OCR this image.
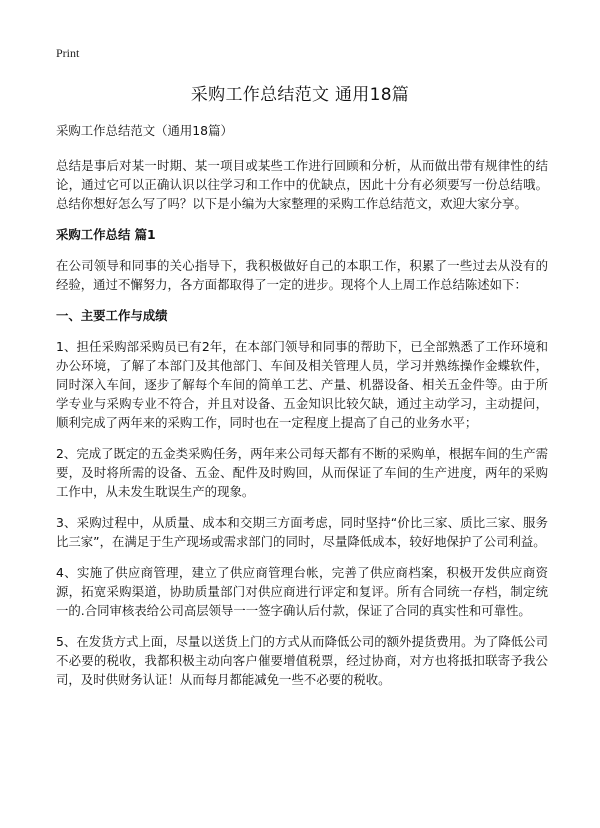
Print
采购工作总结范文 通用18篇

采购工作总结范文（通用18篇）

总结是事后对某一时期、某一项目或某些工作进行回顾和分析，从而做出带有规律性的结论，通过它可以正确认识以往学习和工作中的优缺点，因此十分有必须要写一份总结哦。总结你想好怎么写了吗？以下是小编为大家整理的采购工作总结范文，欢迎大家分享。

采购工作总结 篇1

在公司领导和同事的关心指导下，我积极做好自己的本职工作，积累了一些过去从没有的经验，通过不懈努力，各方面都取得了一定的进步。现将个人上周工作总结陈述如下：

一、主要工作与成绩

1、担任采购部采购员已有2年，在本部门领导和同事的帮助下，已全部熟悉了工作环境和办公环境，了解了本部门及其他部门、车间及相关管理人员，学习并熟练操作金蝶软件，同时深入车间，逐步了解每个车间的简单工艺、产量、机器设备、相关五金件等。由于所学专业与采购专业不符合，并且对设备、五金知识比较欠缺，通过主动学习，主动提问，顺利完成了两年来的采购工作，同时也在一定程度上提高了自己的业务水平；

2、完成了既定的五金类采购任务，两年来公司每天都有不断的采购单，根据车间的生产需要，及时将所需的设备、五金、配件及时购回，从而保证了车间的生产进度，两年的采购工作中，从未发生耽误生产的现象。

3、采购过程中，从质量、成本和交期三方面考虑，同时坚持“价比三家、质比三家、服务比三家”，在满足于生产现场或需求部门的同时，尽量降低成本，较好地保护了公司利益。

4、实施了供应商管理，建立了供应商管理台帐，完善了供应商档案，积极开发供应商资源，拓宽采购渠道，协助质量部门对供应商进行评定和复评。所有合同统一存档，制定统一的.合同审核表给公司高层领导一一签字确认后付款，保证了合同的真实性和可靠性。

5、在发货方式上面，尽量以送货上门的方式从而降低公司的额外提货费用。为了降低公司不必要的税收，我都积极主动向客户催要增值税票，经过协商，对方也将抵扣联寄予我公司，及时供财务认证！从而每月都能减免一些不必要的税收。
